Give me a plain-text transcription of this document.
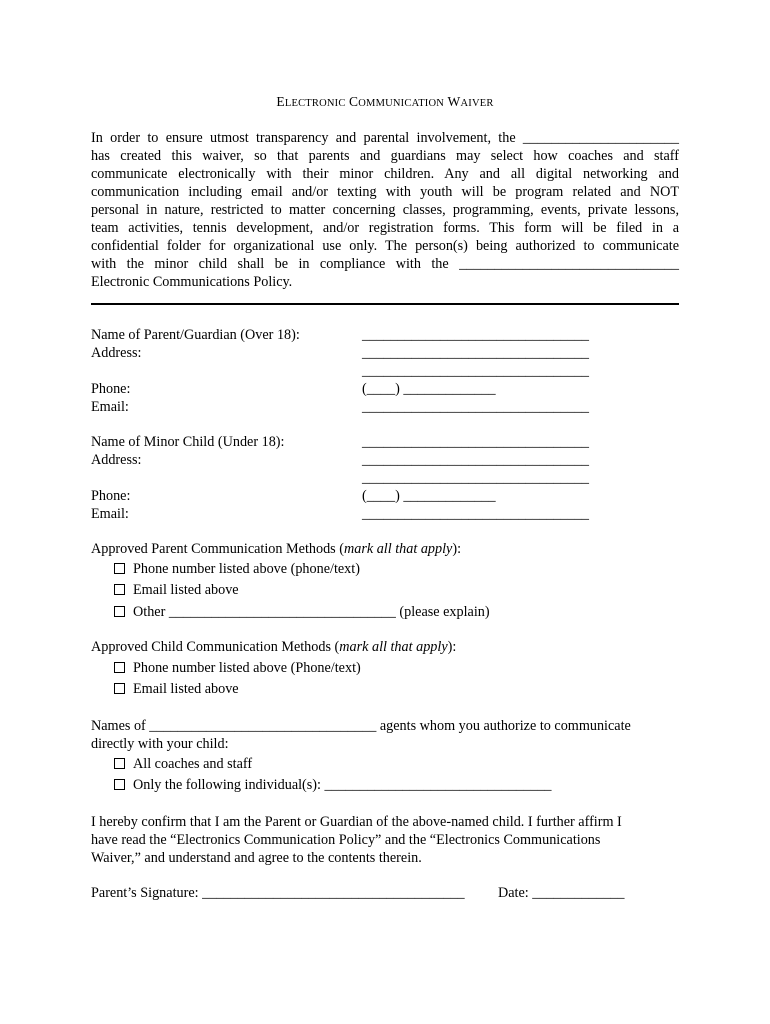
ELECTRONIC COMMUNICATION WAIVER
In order to ensure utmost transparency and parental involvement, the ______________________
has created this waiver, so that parents and guardians may select how coaches and staff
communicate electronically with their minor children. Any and all digital networking and
communication including email and/or texting with youth will be program related and NOT
personal in nature, restricted to matter concerning classes, programming, events, private lessons,
team activities, tennis development, and/or registration forms. This form will be filed in a
confidential folder for organizational use only. The person(s) being authorized to communicate
with the minor child shall be in compliance with the _______________________________
Electronic Communications Policy.
Name of Parent/Guardian (Over 18):	________________________________
Address:	________________________________
________________________________
Phone:	(____) _____________
Email:	________________________________
Name of Minor Child (Under 18):	________________________________
Address:	________________________________
________________________________
Phone:	(____) _____________
Email:	________________________________
Approved Parent Communication Methods (mark all that apply):
Phone number listed above (phone/text)
Email listed above
Other ________________________________ (please explain)
Approved Child Communication Methods (mark all that apply):
Phone number listed above (Phone/text)
Email listed above
Names of ________________________________ agents whom you authorize to communicate
directly with your child:
All coaches and staff
Only the following individual(s): ________________________________
I hereby confirm that I am the Parent or Guardian of the above-named child. I further affirm I
have read the “Electronics Communication Policy” and the “Electronics Communications
Waiver,” and understand and agree to the contents therein.
Parent’s Signature: _____________________________________ Date: _____________
